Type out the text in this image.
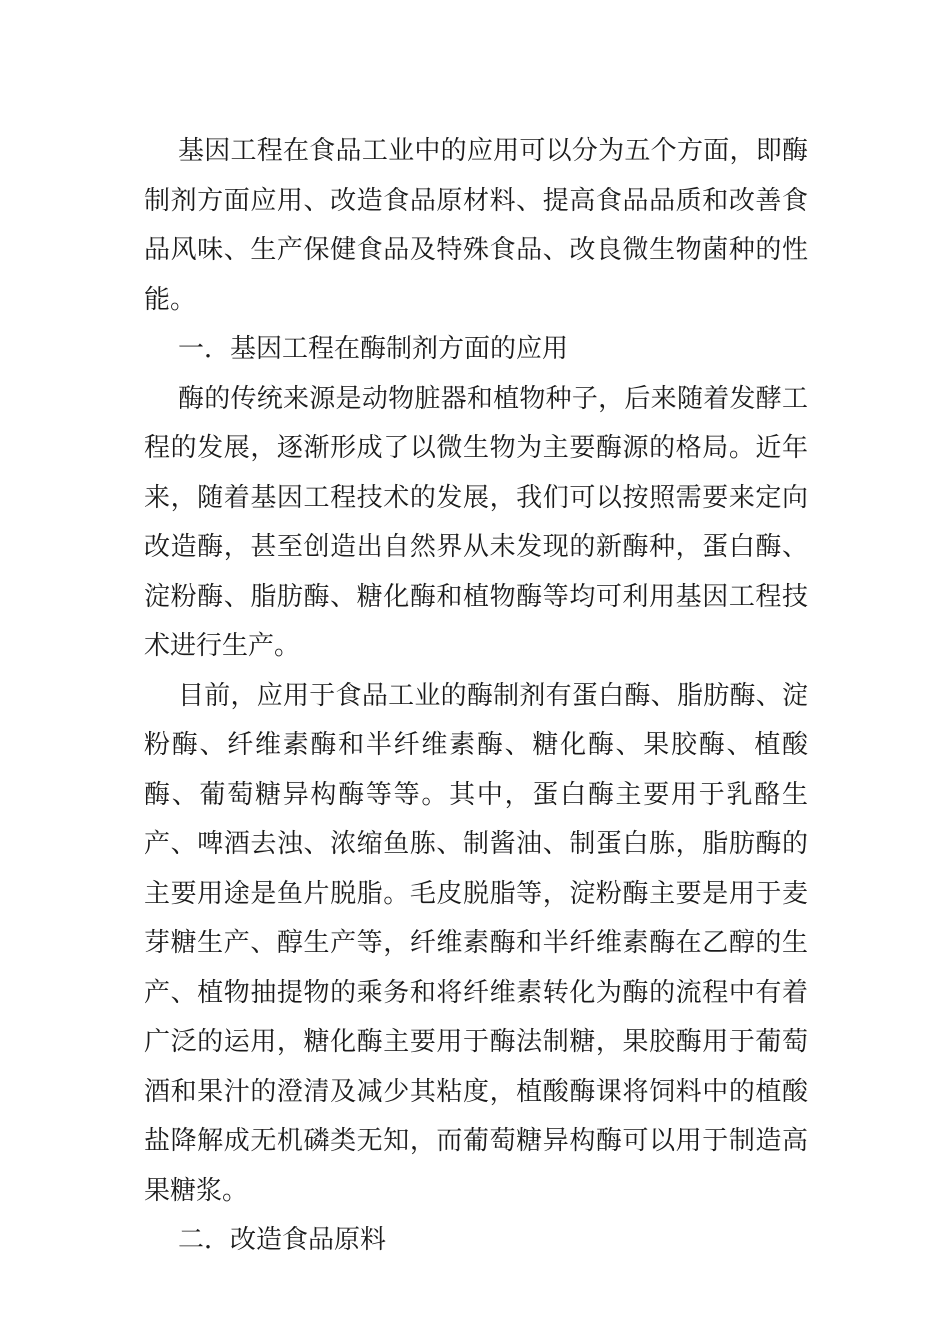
基因工程在食品工业中的应用可以分为五个方面，即酶制剂方面应用、改造食品原材料、提高食品品质和改善食品风味、生产保健食品及特殊食品、改良微生物菌种的性能。

一．基因工程在酶制剂方面的应用

酶的传统来源是动物脏器和植物种子，后来随着发酵工程的发展，逐渐形成了以微生物为主要酶源的格局。近年来，随着基因工程技术的发展，我们可以按照需要来定向改造酶，甚至创造出自然界从未发现的新酶种，蛋白酶、淀粉酶、脂肪酶、糖化酶和植物酶等均可利用基因工程技术进行生产。

目前，应用于食品工业的酶制剂有蛋白酶、脂肪酶、淀粉酶、纤维素酶和半纤维素酶、糖化酶、果胶酶、植酸酶、葡萄糖异构酶等等。其中，蛋白酶主要用于乳酪生产、啤酒去浊、浓缩鱼胨、制酱油、制蛋白胨，脂肪酶的主要用途是鱼片脱脂。毛皮脱脂等，淀粉酶主要是用于麦芽糖生产、醇生产等，纤维素酶和半纤维素酶在乙醇的生产、植物抽提物的乘务和将纤维素转化为酶的流程中有着广泛的运用，糖化酶主要用于酶法制糖，果胶酶用于葡萄酒和果汁的澄清及减少其粘度，植酸酶课将饲料中的植酸盐降解成无机磷类无知，而葡萄糖异构酶可以用于制造高果糖浆。

二．改造食品原料
